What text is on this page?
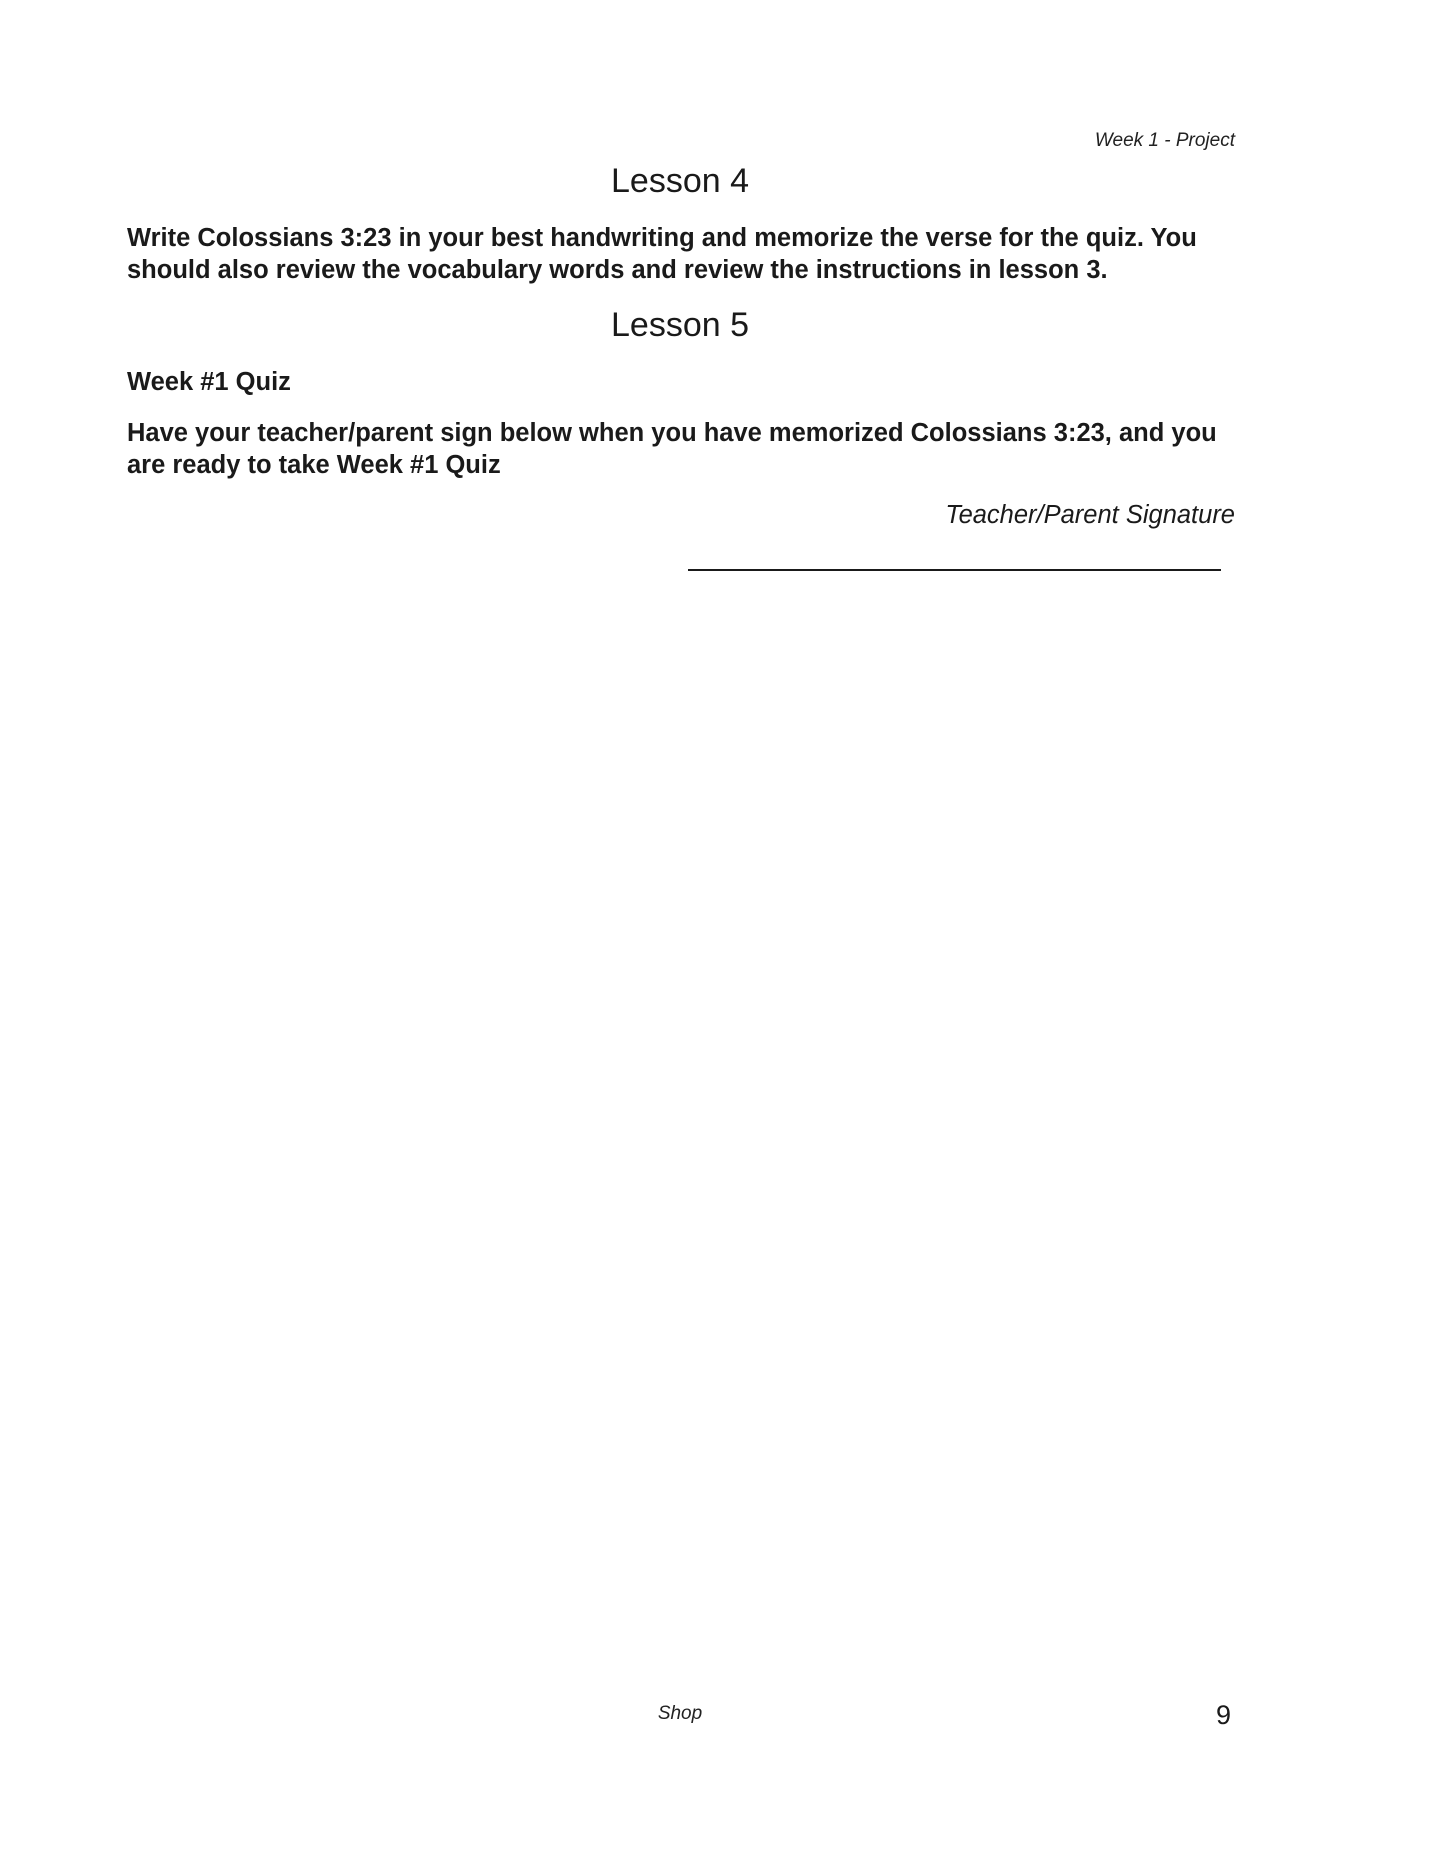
Week 1 - Project
Lesson 4

Write Colossians 3:23 in your best handwriting and memorize the verse for the quiz. You should also review the vocabulary words and review the instructions in lesson 3.

Lesson 5

Week #1 Quiz

Have your teacher/parent sign below when you have memorized Colossians 3:23, and you are ready to take Week #1 Quiz

Teacher/Parent Signature
Shop	9
